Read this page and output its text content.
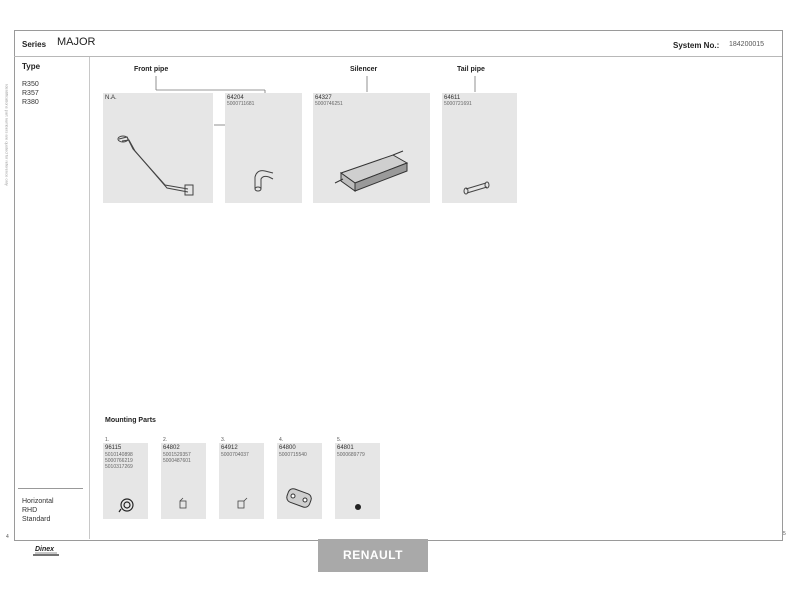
Series MAJOR	System No.: 184200015
Type
R350
R357
R380
Identifications part numbers are quoted for reference only
Horizontal
RHD
Standard
Front pipe	Silencer	Tail pipe
N.A.	64204
5000711681
64327
5000746251
64611
5000721691
Mounting Parts
1.
96115
5010140898
5000766219
5010317269
2.
64802
5001529357
5000487601
3.
64912
5000704037
4.
64800
5000715540
5.
64801
5000689779
Dinex	RENAULT
4	5
